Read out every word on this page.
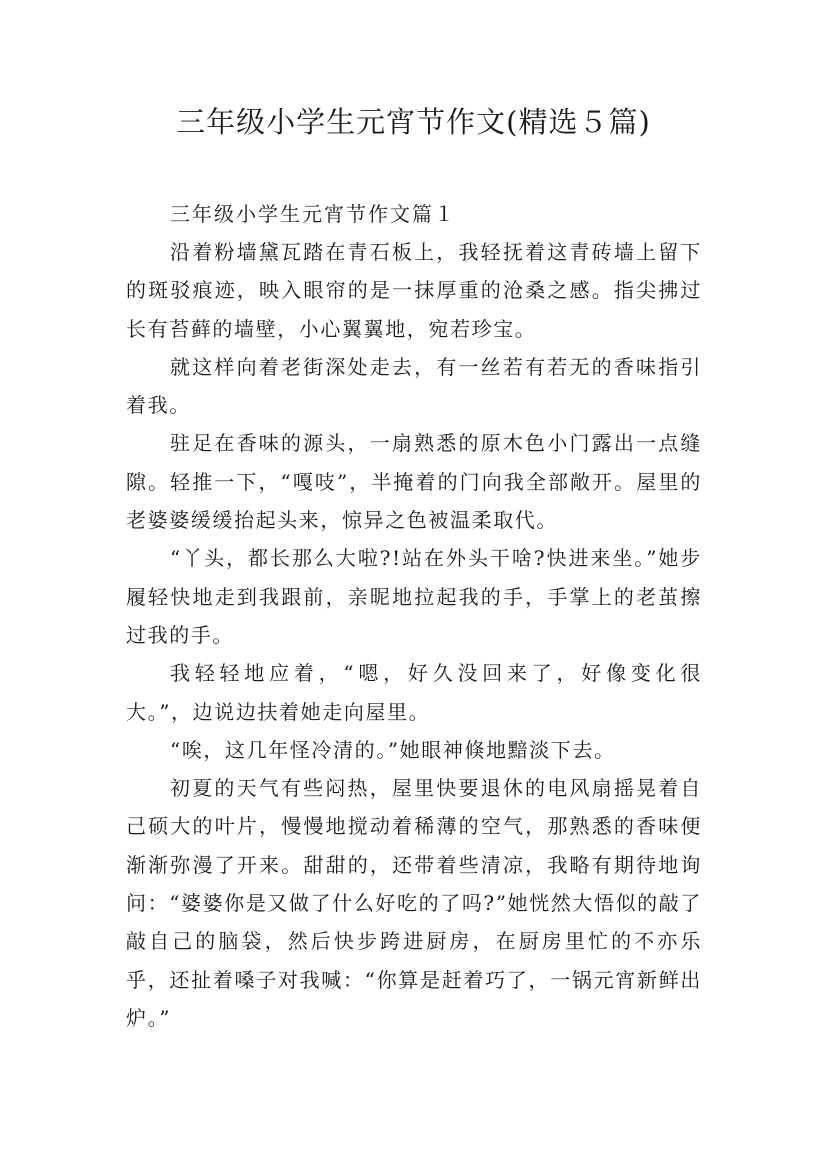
三年级小学生元宵节作文(精选５篇)
三年级小学生元宵节作文篇１

沿着粉墙黛瓦踏在青石板上，我轻抚着这青砖墙上留下的斑驳痕迹，映入眼帘的是一抹厚重的沧桑之感。指尖拂过长有苔藓的墙壁，小心翼翼地，宛若珍宝。

就这样向着老街深处走去，有一丝若有若无的香味指引着我。

驻足在香味的源头，一扇熟悉的原木色小门露出一点缝隙。轻推一下，“嘎吱”，半掩着的门向我全部敞开。屋里的老婆婆缓缓抬起头来，惊异之色被温柔取代。

“丫头，都长那么大啦?!站在外头干啥?快进来坐。”她步履轻快地走到我跟前，亲昵地拉起我的手，手掌上的老茧擦过我的手。

我轻轻地应着，“嗯，好久没回来了，好像变化很大。”，边说边扶着她走向屋里。

“唉，这几年怪冷清的。”她眼神倏地黯淡下去。

初夏的天气有些闷热，屋里快要退休的电风扇摇晃着自己硕大的叶片，慢慢地搅动着稀薄的空气，那熟悉的香味便渐渐弥漫了开来。甜甜的，还带着些清凉，我略有期待地询问：“婆婆你是又做了什么好吃的了吗?”她恍然大悟似的敲了敲自己的脑袋，然后快步跨进厨房，在厨房里忙的不亦乐乎，还扯着嗓子对我喊：“你算是赶着巧了，一锅元宵新鲜出炉。”
